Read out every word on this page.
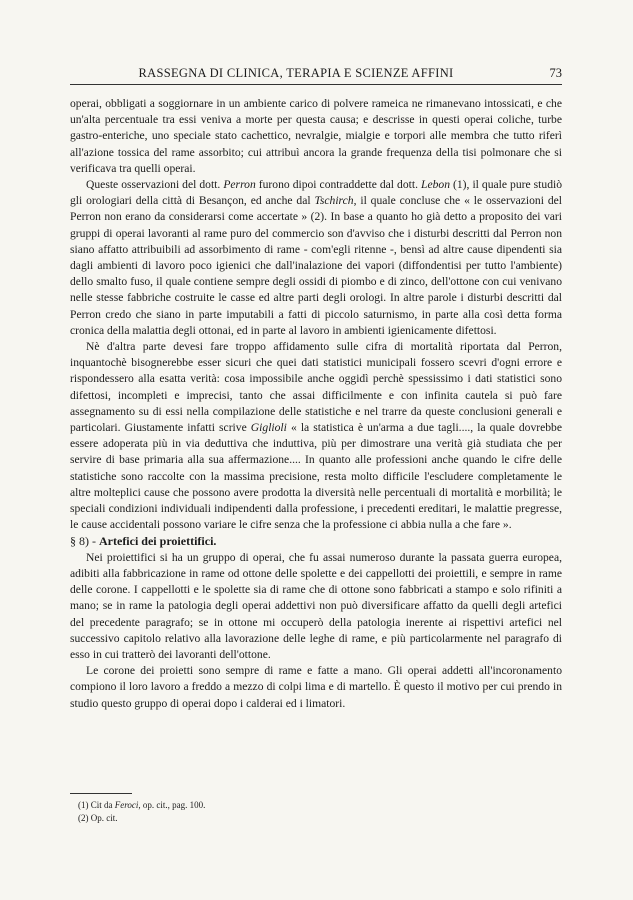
RASSEGNA DI CLINICA, TERAPIA E SCIENZE AFFINI	73

operai, obbligati a soggiornare in un ambiente carico di polvere rameica ne rimanevano intossicati, e che un'alta percentuale tra essi veniva a morte per questa causa; e descrisse in questi operai coliche, turbe gastro-enteriche, uno speciale stato cachettico, nevralgie, mialgie e torpori alle membra che tutto riferì all'azione tossica del rame assorbito; cui attribuì ancora la grande frequenza della tisi polmonare che si verificava tra quelli operai.

Queste osservazioni del dott. Perron furono dipoi contraddette dal dott. Lebon (1), il quale pure studiò gli orologiari della città di Besançon, ed anche dal Tschirch, il quale concluse che « le osservazioni del Perron non erano da considerarsi come accertate » (2). In base a quanto ho già detto a proposito dei vari gruppi di operai lavoranti al rame puro del commercio son d'avviso che i disturbi descritti dal Perron non siano affatto attribuibili ad assorbimento di rame - com'egli ritenne -, bensì ad altre cause dipendenti sia dagli ambienti di lavoro poco igienici che dall'inalazione dei vapori (diffondentisi per tutto l'ambiente) dello smalto fuso, il quale contiene sempre degli ossidi di piombo e di zinco, dell'ottone con cui venivano nelle stesse fabbriche costruite le casse ed altre parti degli orologi. In altre parole i disturbi descritti dal Perron credo che siano in parte imputabili a fatti di piccolo saturnismo, in parte alla così detta forma cronica della malattia degli ottonai, ed in parte al lavoro in ambienti igienicamente difettosi.

Nè d'altra parte devesi fare troppo affidamento sulle cifra di mortalità riportata dal Perron, inquantochè bisognerebbe esser sicuri che quei dati statistici municipali fossero scevri d'ogni errore e rispondessero alla esatta verità: cosa impossibile anche oggidì perchè spessissimo i dati statistici sono difettosi, incompleti e imprecisi, tanto che assai difficilmente e con infinita cautela si può fare assegnamento su di essi nella compilazione delle statistiche e nel trarre da queste conclusioni generali e particolari. Giustamente infatti scrive Giglioli « la statistica è un'arma a due tagli...., la quale dovrebbe essere adoperata più in via deduttiva che induttiva, più per dimostrare una verità già studiata che per servire di base primaria alla sua affermazione.... In quanto alle professioni anche quando le cifre delle statistiche sono raccolte con la massima precisione, resta molto difficile l'escludere completamente le altre molteplici cause che possono avere prodotta la diversità nelle percentuali di mortalità e morbilità; le speciali condizioni individuali indipendenti dalla professione, i precedenti ereditari, le malattie pregresse, le cause accidentali possono variare le cifre senza che la professione ci abbia nulla a che fare ».

§ 8) - Artefici dei proiettifici.

Nei proiettifici si ha un gruppo di operai, che fu assai numeroso durante la passata guerra europea, adibiti alla fabbricazione in rame od ottone delle spolette e dei cappellotti dei proiettili, e sempre in rame delle corone. I cappellotti e le spolette sia di rame che di ottone sono fabbricati a stampo e solo rifiniti a mano; se in rame la patologia degli operai addettivi non può diversificare affatto da quelli degli artefici del precedente paragrafo; se in ottone mi occuperò della patologia inerente ai rispettivi artefici nel successivo capitolo relativo alla lavorazione delle leghe di rame, e più particolarmente nel paragrafo di esso in cui tratterò dei lavoranti dell'ottone.

Le corone dei proietti sono sempre di rame e fatte a mano. Gli operai addetti all'incoronamento compiono il loro lavoro a freddo a mezzo di colpi lima e di martello. È questo il motivo per cui prendo in studio questo gruppo di operai dopo i calderai ed i limatori.

(1) Cit da Feroci, op. cit., pag. 100.

(2) Op. cit.
